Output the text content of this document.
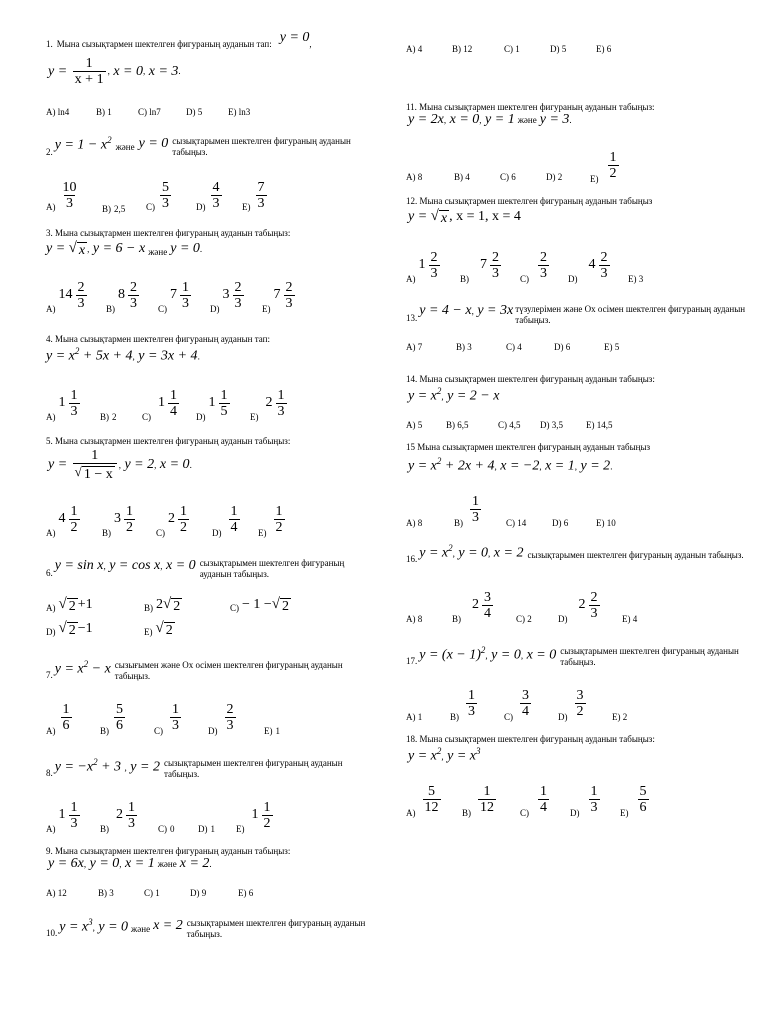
1. Мына сызықтармен шектелген фигураның ауданын тап: y = 0,
$y = \frac{1}{x + 1}$ , x = 0 , x = 3 .
A) ln4	B) 1	C) ln7	D) 5	E) ln3
2. $y = 1 - x^2$
және y = 0 сызықтарымен шектелген фигураның ауданын табыңыз.
$A) \frac{10}{3}$	B) 2,5 $C) \frac{5}{3}$	$D) \frac{4}{3} E) \frac{7}{3}$
3. Мына сызықтармен шектелген фигураның ауданын табыңыз:
y = √ x , y = 6 − x және y = 0 .
A)
$14 \frac{2}{3} B$)
$8 \frac{2}{3} C$)
$7 \frac{1}{3} D$)
$3 \frac{2}{3} E$)
$7 \frac{2}{3}$
4. Мына сызықтармен шектелген фигураның ауданын тап:
$y = x^2 + 5x + 4$, y = 3x + 4.
A)
$1 \frac{1}{3} B$) 2	C)
$1 \frac{1}{4} D$)
$1 \frac{1}{5} E$)
$2 \frac{1}{3}$
5. Мына сызықтармен шектелген фигураның ауданын табыңыз:
$y = \frac{1}{√ 1 - x}$ , y = 2 , x = 0 .
A)
$4 \frac{1}{2}$	B)
$3 \frac{1}{2} C$)
$2 \frac{1}{2}$	$D) \frac{1}{4} E) \frac{1}{2}$
6. y = sin x, y = cos x, x = 0 сызықтарымен шектелген фигураның ауданын табыңыз.
A) √ 2 +1	B) 2 √ 2	C) − 1 − √ 2
D) √ 2 −1	E) √ 2
7. $y = x^2 - x$ сызығымен және Ox осімен шектелген фигураның ауданын табыңыз.
$A) \frac{1}{6}$	$B) \frac{5}{6}$	$C) \frac{1}{3}$	$D) \frac{2}{3}$	E) 1
8. $y = -x^2 + 3$ , y = 2 сызықтарымен шектелген фигураның ауданын табыңыз.
A)
$1 \frac{1}{3} B$)
$2 \frac{1}{3} C$) 0	D) 1 E)
$1 \frac{1}{2}$
9. Мына сызықтармен шектелген фигураның ауданын табыңыз:
y = 6x, y = 0, x = 1 және x = 2.
A) 12	B) 3	C) 1	D) 9	E) 6
10. $y = x^3$, y = 0 және x = 2 сызықтарымен шектелген фигураның ауданын табыңыз.
A) 4	B) 12	C) 1	D) 5	E) 6
11. Мына сызықтармен шектелген фигураның ауданын табыңыз:
y = 2x, x = 0, y = 1 және y = 3.
A) 8	B) 4	C) 6	D) 2	$E) \frac{1}{2}$
12. Мына сызықтармен шектелген фигураның ауданын табыңыз
y = √ x , x = 1, x = 4
A)
$1 \frac{2}{3} B$)
$7 \frac{2}{3} C) \frac{2}{3} D$)
$4 \frac{2}{3} E$) 3
13. y = 4 − x, y = 3x түзулерімен және Ox осімен шектелген фигураның ауданын табыңыз.
A) 7	B) 3	C) 4	D) 6	E) 5
14. Мына сызықтармен шектелген фигураның ауданын табыңыз:
$y = x^2$, y = 2 − x
A) 5	B) 6,5	C) 4,5 D) 3,5	E) 14,5
15 Мына сызықтармен шектелген фигураның ауданын табыңыз
$y = x^2 + 2x + 4$, x = −2, x = 1, y = 2.
A) 8	$B) \frac{1}{3}$	C) 14	D) 6	E) 10
16. $y = x^2$, y = 0, x = 2 сызықтарымен шектелген фигураның ауданын табыңыз.
A) 8	B)
$2 \frac{3}{4}$	C) 2	D)
$2 \frac{2}{3}$	E) 4
17. $y = (x - 1)^2$, y = 0, x = 0 сызықтарымен шектелген фигураның ауданын табыңыз.
A) 1	$B) \frac{1}{3}$	$C) \frac{3}{4}$	$D) \frac{3}{2}$	E) 2
18. Мына сызықтармен шектелген фигураның ауданын табыңыз:
$y = x^2$, $y = x^3$
$A) \frac{5}{12} B) \frac{1}{12}$	$C) \frac{1}{4} D) \frac{1}{3} E) \frac{5}{6}$
